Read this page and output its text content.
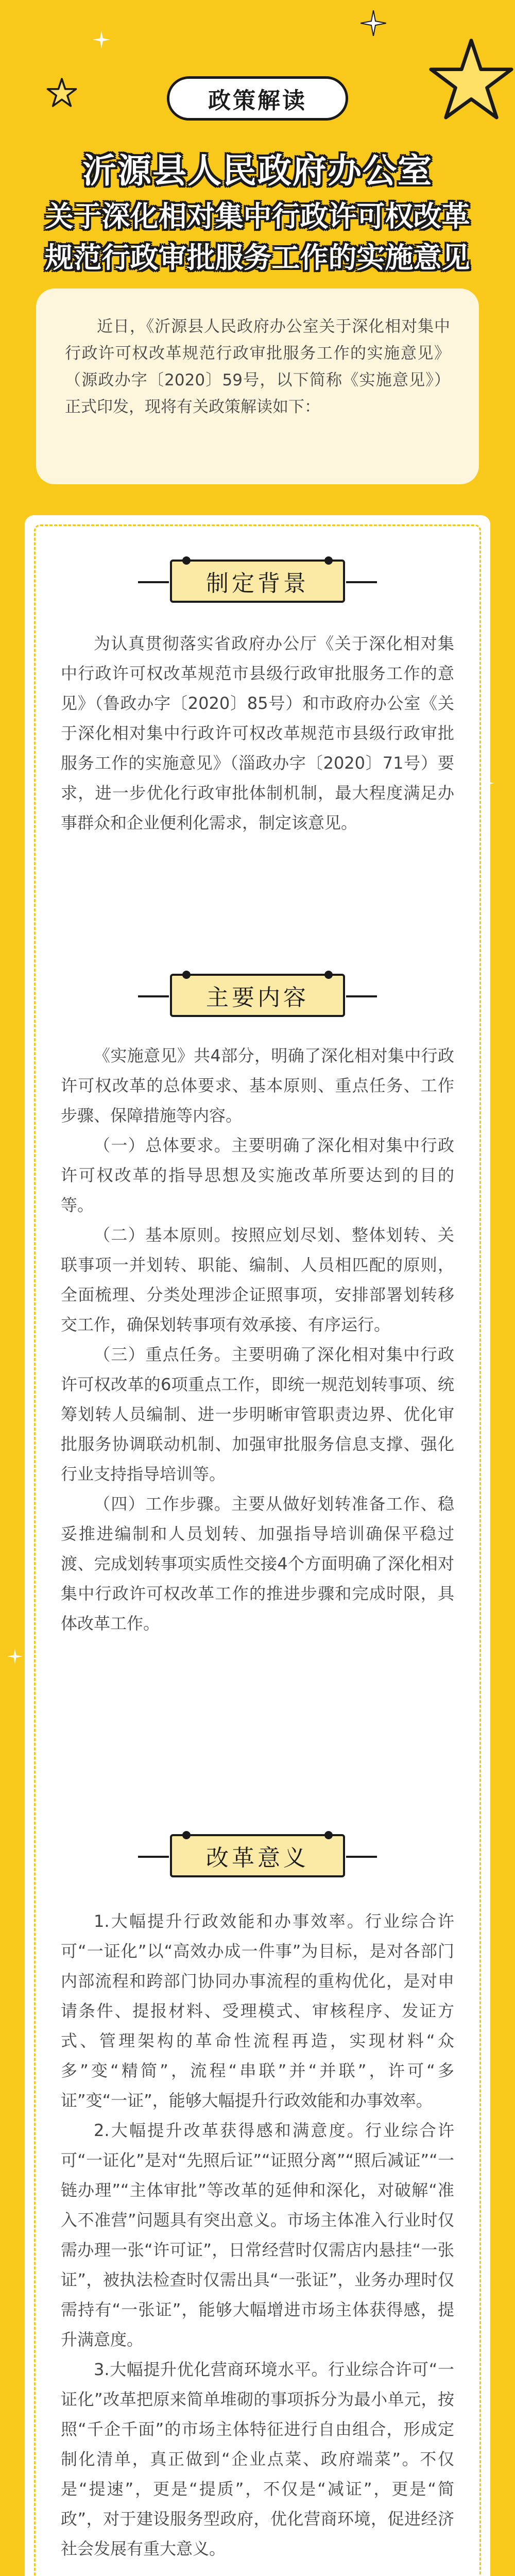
政策解读
沂源县人民政府办公室
关于深化相对集中行政许可权改革
规范行政审批服务工作的实施意见

近日，《沂源县人民政府办公室关于深化相对集中行政许可权改革规范行政审批服务工作的实施意见》（源政办字〔2020〕59号，以下简称《实施意见》）正式印发，现将有关政策解读如下：

制定背景

为认真贯彻落实省政府办公厅《关于深化相对集中行政许可权改革规范市县级行政审批服务工作的意见》（鲁政办字〔2020〕85号）和市政府办公室《关于深化相对集中行政许可权改革规范市县级行政审批服务工作的实施意见》（淄政办字〔2020〕71号）要求，进一步优化行政审批体制机制，最大程度满足办事群众和企业便利化需求，制定该意见。

主要内容

《实施意见》共4部分，明确了深化相对集中行政许可权改革的总体要求、基本原则、重点任务、工作步骤、保障措施等内容。

（一）总体要求。主要明确了深化相对集中行政许可权改革的指导思想及实施改革所要达到的目的等。

（二）基本原则。按照应划尽划、整体划转、关联事项一并划转、职能、编制、人员相匹配的原则，全面梳理、分类处理涉企证照事项，安排部署划转移交工作，确保划转事项有效承接、有序运行。

（三）重点任务。主要明确了深化相对集中行政许可权改革的6项重点工作，即统一规范划转事项、统筹划转人员编制、进一步明晰审管职责边界、优化审批服务协调联动机制、加强审批服务信息支撑、强化行业支持指导培训等。

（四）工作步骤。主要从做好划转准备工作、稳妥推进编制和人员划转、加强指导培训确保平稳过渡、完成划转事项实质性交接4个方面明确了深化相对集中行政许可权改革工作的推进步骤和完成时限，具体改革工作。

改革意义

1.大幅提升行政效能和办事效率。行业综合许可“一证化”以“高效办成一件事”为目标，是对各部门内部流程和跨部门协同办事流程的重构优化，是对申请条件、提报材料、受理模式、审核程序、发证方式、管理架构的革命性流程再造，实现材料“众多”变“精简”，流程“串联”并“并联”，许可“多证”变“一证”，能够大幅提升行政效能和办事效率。

2.大幅提升改革获得感和满意度。行业综合许可“一证化”是对“先照后证”“证照分离”“照后减证”“一链办理”“主体审批”等改革的延伸和深化，对破解“准入不准营”问题具有突出意义。市场主体准入行业时仅需办理一张“许可证”，日常经营时仅需店内悬挂“一张证”，被执法检查时仅需出具“一张证”，业务办理时仅需持有“一张证”，能够大幅增进市场主体获得感，提升满意度。

3.大幅提升优化营商环境水平。行业综合许可“一证化”改革把原来简单堆砌的事项拆分为最小单元，按照“千企千面”的市场主体特征进行自由组合，形成定制化清单，真正做到“企业点菜、政府端菜”。不仅是“提速”，更是“提质”，不仅是“减证”，更是“简政”，对于建设服务型政府，优化营商环境，促进经济社会发展有重大意义。
